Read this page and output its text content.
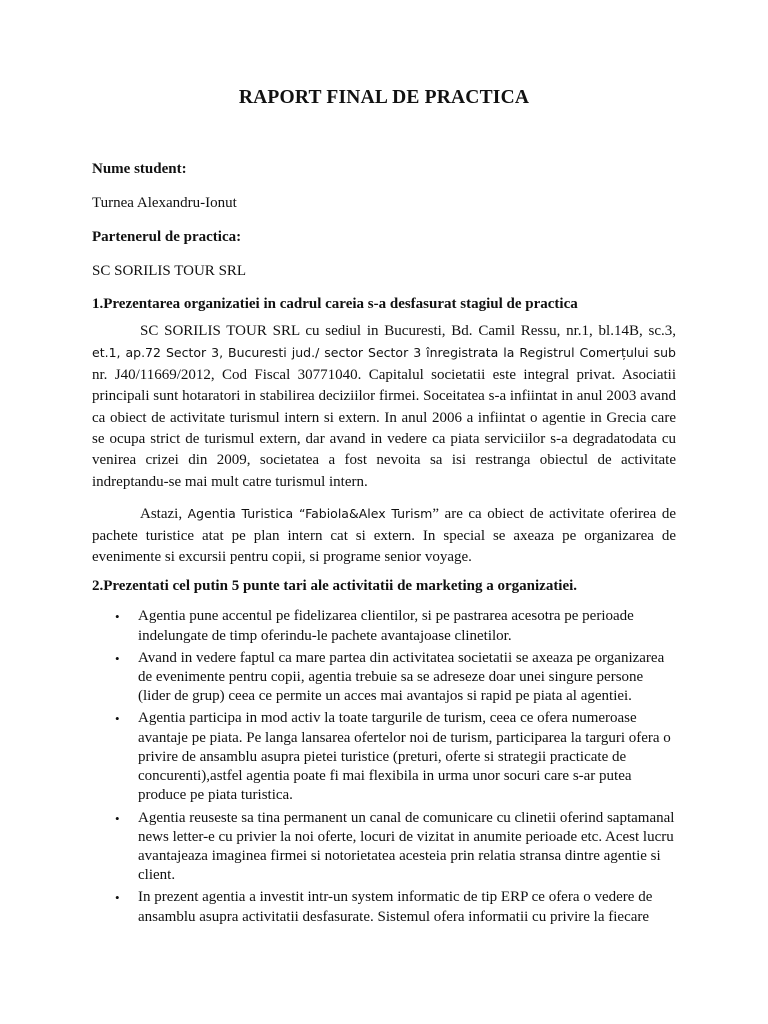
RAPORT FINAL DE PRACTICA

Nume student:

Turnea Alexandru-Ionut

Partenerul de practica:

SC SORILIS TOUR SRL

1.Prezentarea organizatiei in cadrul careia s-a desfasurat stagiul de practica

SC SORILIS TOUR SRL cu sediul in Bucuresti, Bd. Camil Ressu, nr.1, bl.14B, sc.3, et.1, ap.72 Sector 3, Bucuresti jud./ sector Sector 3 înregistrata la Registrul Comerțului sub nr. J40/11669/2012, Cod Fiscal 30771040. Capitalul societatii este integral privat. Asociatii principali sunt hotaratori in stabilirea deciziilor firmei. Soceitatea s-a infiintat in anul 2003 avand ca obiect de activitate turismul intern si extern. In anul 2006 a infiintat o agentie in Grecia care se ocupa strict de turismul extern, dar avand in vedere ca piata serviciilor s-a degradatodata cu venirea crizei din 2009, societatea a fost nevoita sa isi restranga obiectul de activitate indreptandu-se mai mult catre turismul intern.

Astazi, Agentia Turistica “Fabiola&Alex Turism” are ca obiect de activitate oferirea de pachete turistice atat pe plan intern cat si extern. In special se axeaza pe organizarea de evenimente si excursii pentru copii, si programe senior voyage.

2.Prezentati cel putin 5 punte tari ale activitatii de marketing a organizatiei.

• Agentia pune accentul pe fidelizarea clientilor, si pe pastrarea acesotra pe perioade indelungate de timp oferindu-le pachete avantajoase clinetilor.
• Avand in vedere faptul ca mare partea din activitatea societatii se axeaza pe organizarea de evenimente pentru copii, agentia trebuie sa se adreseze doar unei singure persone (lider de grup) ceea ce permite un acces mai avantajos si rapid pe piata al agentiei.
• Agentia participa in mod activ la toate targurile de turism, ceea ce ofera numeroase avantaje pe piata. Pe langa lansarea ofertelor noi de turism, participarea la targuri ofera o privire de ansamblu asupra pietei turistice (preturi, oferte si strategii practicate de concurenti),astfel agentia poate fi mai flexibila in urma unor socuri care s-ar putea produce pe piata turistica.
• Agentia reuseste sa tina permanent un canal de comunicare cu clinetii oferind saptamanal news letter-e cu privier la noi oferte, locuri de vizitat in anumite perioade etc. Acest lucru avantajeaza imaginea firmei si notorietatea acesteia prin relatia stransa dintre agentie si client.
• In prezent agentia a investit intr-un system informatic de tip ERP ce ofera o vedere de ansamblu asupra activitatii desfasurate. Sistemul ofera informatii cu privire la fiecare
